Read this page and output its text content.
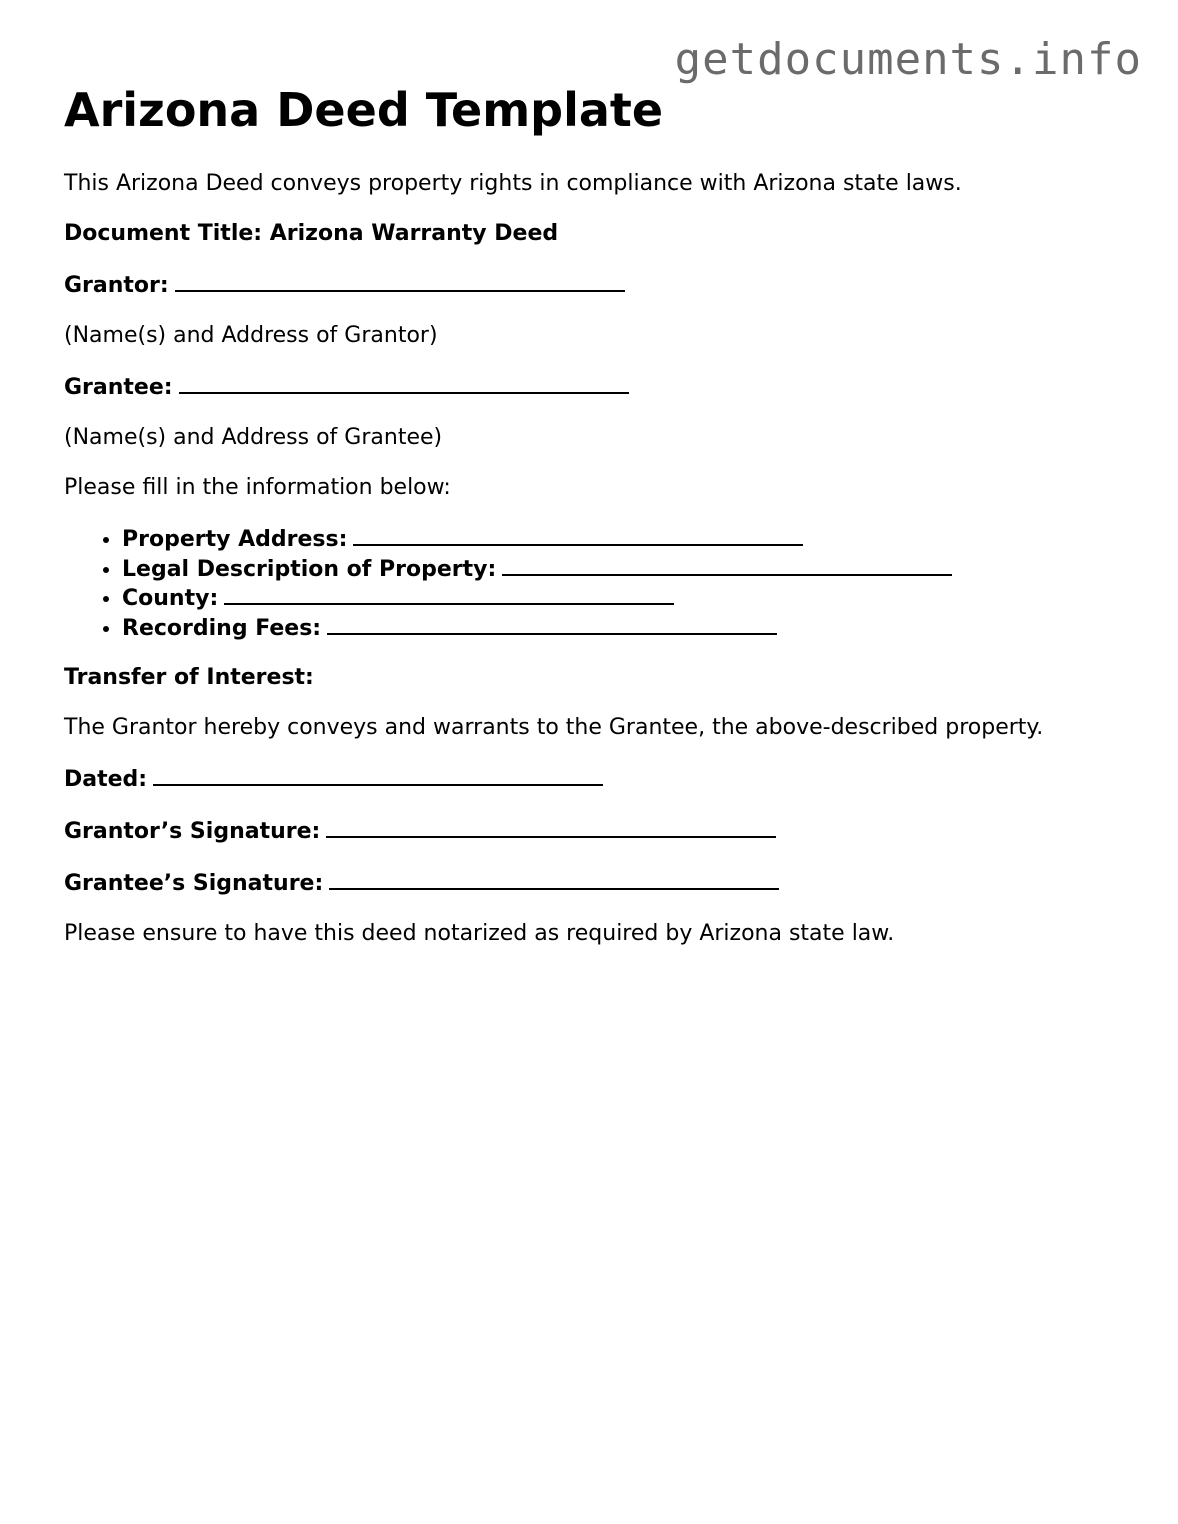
getdocuments.info
Arizona Deed Template

This Arizona Deed conveys property rights in compliance with Arizona state laws.

Document Title: Arizona Warranty Deed

Grantor:

(Name(s) and Address of Grantor)

Grantee:

(Name(s) and Address of Grantee)

Please fill in the information below:

• Property Address:
• Legal Description of Property:
• County:
• Recording Fees:

Transfer of Interest:

The Grantor hereby conveys and warrants to the Grantee, the above-described property.

Dated:

Grantor’s Signature:

Grantee’s Signature:

Please ensure to have this deed notarized as required by Arizona state law.
